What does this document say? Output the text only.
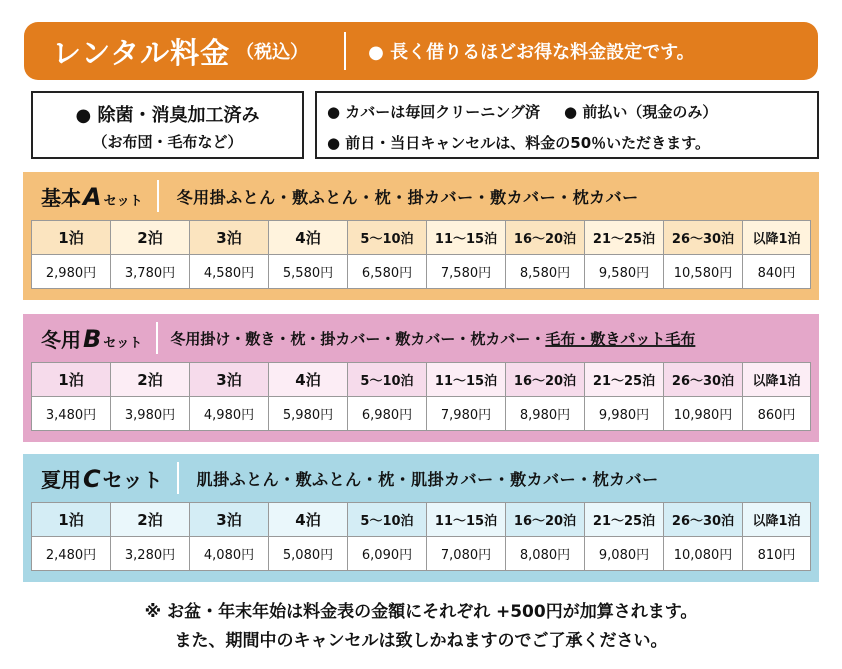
レンタル料金 （税込）	● 長く借りるほどお得な料金設定です。
● 除菌・消臭加工済み
（お布団・毛布など）
● カバーは毎回クリーニング済 ● 前払い（現金のみ）
● 前日・当日キャンセルは、料金の50％いただきます。
基本A セット 冬用掛ふとん・敷ふとん・枕・掛カバー・敷カバー・枕カバー
1泊	2泊	3泊	4泊	5～10泊	11～15泊	16～20泊	21～25泊	26～30泊	以降1泊
2,980円	3,780円	4,580円	5,580円	6,580円	7,580円	8,580円	9,580円	10,580円	840円
冬用B セット 冬用掛け・敷き・枕・掛カバー・敷カバー・枕カバー・毛布・敷きパット毛布
1泊	2泊	3泊	4泊	5～10泊	11～15泊	16～20泊	21～25泊	26～30泊	以降1泊
3,480円	3,980円	4,980円	5,980円	6,980円	7,980円	8,980円	9,980円	10,980円	860円
夏用C セット 肌掛ふとん・敷ふとん・枕・肌掛カバー・敷カバー・枕カバー
1泊	2泊	3泊	4泊	5～10泊	11～15泊	16～20泊	21～25泊	26～30泊	以降1泊
2,480円	3,280円	4,080円	5,080円	6,090円	7,080円	8,080円	9,080円	10,080円	810円
※ お盆・年末年始は料金表の金額にそれぞれ +500円が加算されます。
また、期間中のキャンセルは致しかねますのでご了承ください。
